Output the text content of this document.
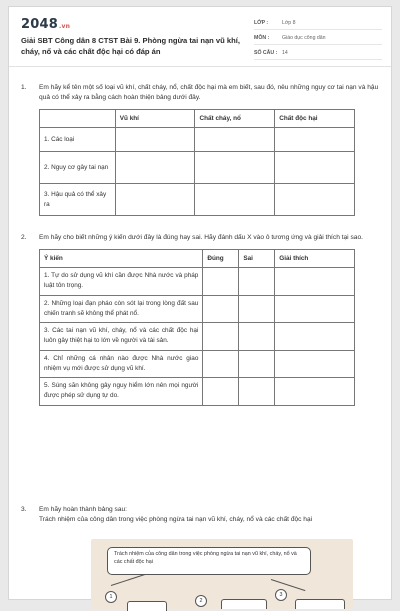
2048.vn
Giải SBT Công dân 8 CTST Bài 9. Phòng ngừa tai nạn vũ khí, cháy, nổ và các chất độc hại có đáp án
LỚP :	Lớp 8
MÔN :	Giáo dục công dân
SỐ CÂU : 14
1.	Em hãy kể tên một số loại vũ khí, chất cháy, nổ, chất độc hại mà em biết, sau đó, nêu những nguy cơ tai nạn và hậu quả có thể xảy ra bằng cách hoàn thiện bảng dưới đây.
	Vũ khí	Chất cháy, nổ	Chất độc hại
1. Các loại			
2. Nguy cơ gây tai nạn			
3. Hậu quả có thể xảy ra			
2.	Em hãy cho biết những ý kiến dưới đây là đúng hay sai. Hãy đánh dấu X vào ô tương ứng và giải thích tại sao.
Ý kiến	Đúng	Sai	Giải thích
1. Tự do sử dụng vũ khí cần được Nhà nước và pháp luật tôn trọng.			
2. Những loại đạn pháo còn sót lại trong lòng đất sau chiến tranh sẽ không thể phát nổ.			
3. Các tai nạn vũ khí, cháy, nổ và các chất độc hại luôn gây thiệt hại to lớn về người và tài sản.			
4. Chỉ những cá nhân nào được Nhà nước giao nhiệm vụ mới được sử dụng vũ khí.			
5. Súng săn không gây nguy hiểm lớn nên mọi người được phép sử dụng tự do.			
3.	Em hãy hoàn thành bảng sau:
Trách nhiệm của công dân trong việc phòng ngừa tai nạn vũ khí, cháy, nổ và các chất độc hại
Trách nhiệm của công dân trong việc phòng ngừa tai nạn vũ khí, cháy, nổ và các chất độc hại
1
2
3
